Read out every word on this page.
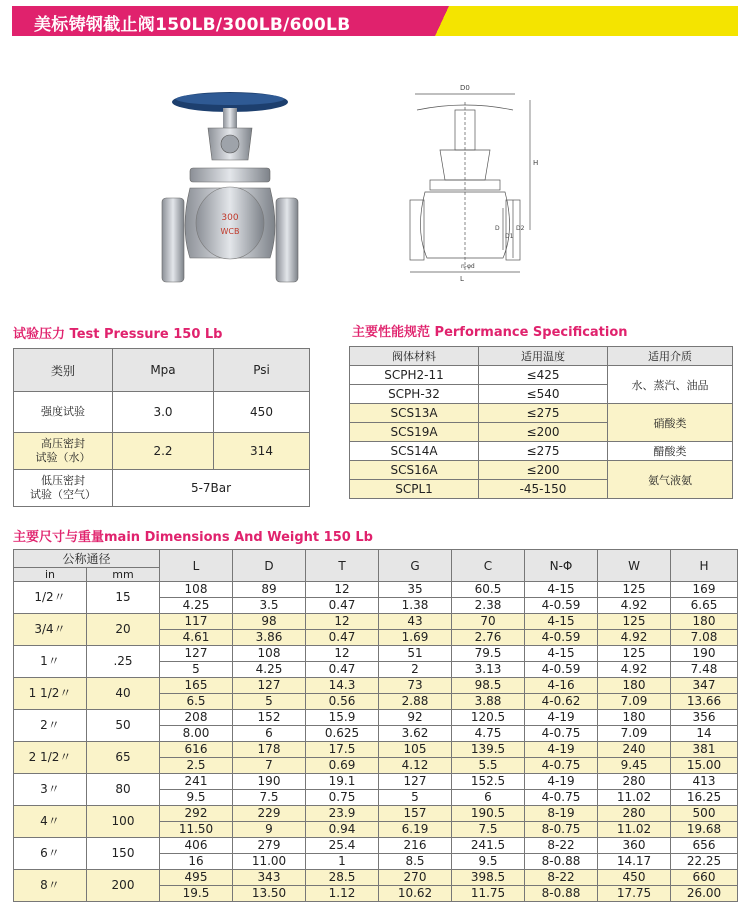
美标铸钢截止阀150LB/300LB/600LB
300
WCB
D0
H
D2
D1
D
L
n-φd
试验压力 Test Pressure 150 Lb
类别	Mpa	Psi
强度试验	3.0	450

高压密封
试验（水）	2.2	314

低压密封
试验（空气）	5-7Bar	
主要性能规范 Performance Specification
阀体材料	适用温度	适用介质
SCPH2-11	≤425	水、蒸汽、油品
SCPH-32	≤540	
SCS13A	≤275	硝酸类
SCS19A	≤200	
SCS14A	≤275	醋酸类
SCS16A	≤200	氨气液氨
SCPL1	-45-150	
主要尺寸与重量main Dimensions And Weight 150 Lb
公称通径		L	D	T	G	C	N-Φ	W	H
in	mm								
1/2〃	15	108	89	12	35	60.5	4-15	125	169
		4.25	3.5	0.47	1.38	2.38	4-0.59	4.92	6.65
3/4〃	20	117	98	12	43	70	4-15	125	180
		4.61	3.86	0.47	1.69	2.76	4-0.59	4.92	7.08
1〃	.25	127	108	12	51	79.5	4-15	125	190
		5	4.25	0.47	2	3.13	4-0.59	4.92	7.48
1 1/2〃	40	165	127	14.3	73	98.5	4-16	180	347
		6.5	5	0.56	2.88	3.88	4-0.62	7.09	13.66
2〃	50	208	152	15.9	92	120.5	4-19	180	356
		8.00	6	0.625	3.62	4.75	4-0.75	7.09	14
2 1/2〃	65	616	178	17.5	105	139.5	4-19	240	381
		2.5	7	0.69	4.12	5.5	4-0.75	9.45	15.00
3〃	80	241	190	19.1	127	152.5	4-19	280	413
		9.5	7.5	0.75	5	6	4-0.75	11.02	16.25
4〃	100	292	229	23.9	157	190.5	8-19	280	500
		11.50	9	0.94	6.19	7.5	8-0.75	11.02	19.68
6〃	150	406	279	25.4	216	241.5	8-22	360	656
		16	11.00	1	8.5	9.5	8-0.88	14.17	22.25
8〃	200	495	343	28.5	270	398.5	8-22	450	660
		19.5	13.50	1.12	10.62	11.75	8-0.88	17.75	26.00
